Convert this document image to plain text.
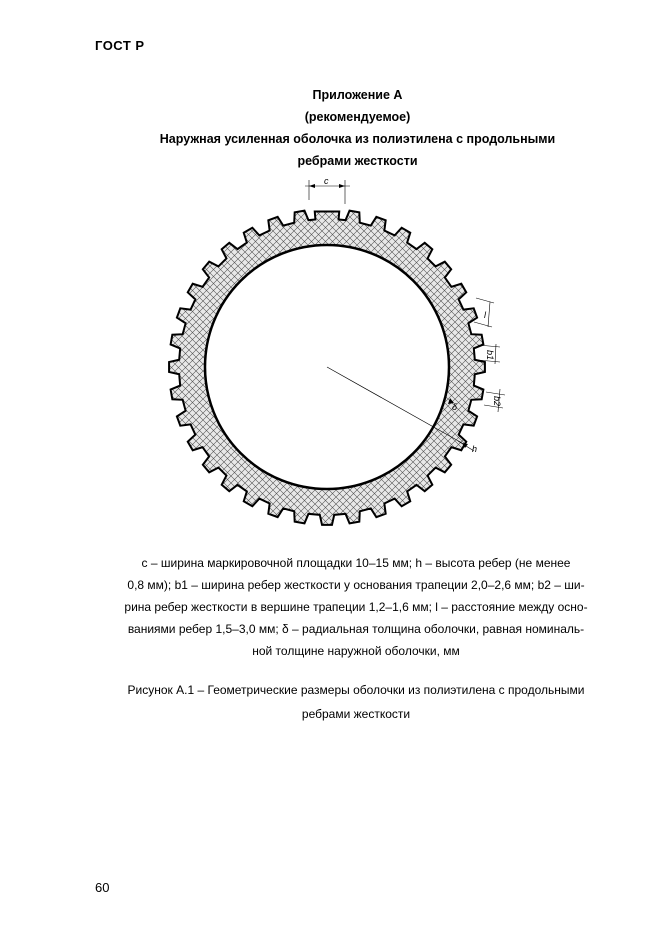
ГОСТ Р
Приложение А
(рекомендуемое)
Наружная усиленная оболочка из полиэтилена с продольными
ребрами жесткости
c
l
b1
b2
δ
h
c – ширина маркировочной площадки 10–15 мм; h – высота ребер (не менее
0,8 мм); b1 – ширина ребер жесткости у основания трапеции 2,0–2,6 мм; b2 – ши-
рина ребер жесткости в вершине трапеции 1,2–1,6 мм; l – расстояние между осно-
ваниями ребер 1,5–3,0 мм; δ – радиальная толщина оболочки, равная номиналь-
ной толщине наружной оболочки, мм
Рисунок А.1 – Геометрические размеры оболочки из полиэтилена с продольными
ребрами жесткости
60
